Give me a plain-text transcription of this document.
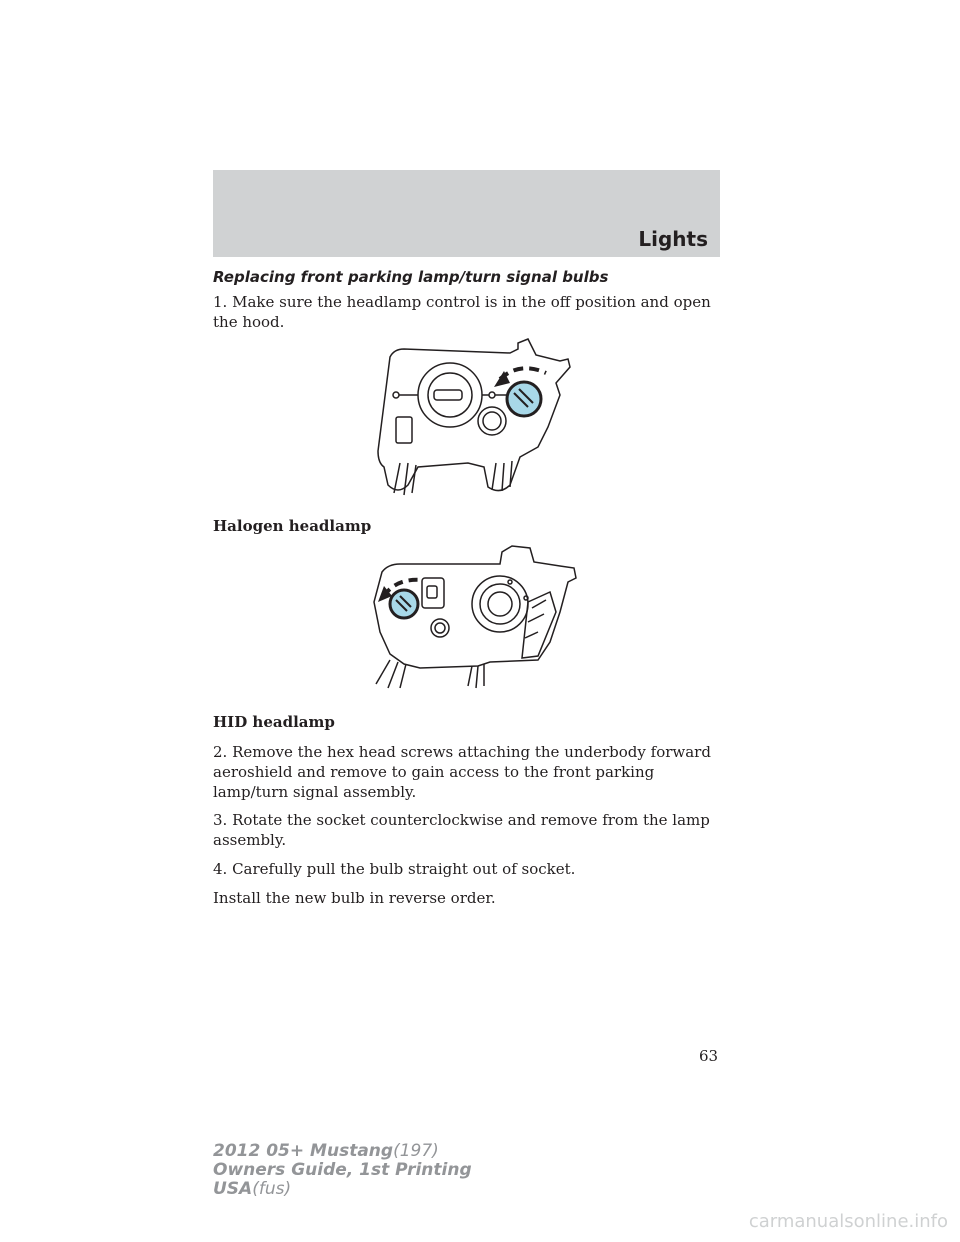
Lights
Replacing front parking lamp/turn signal bulbs
1. Make sure the headlamp control is in the off position and open the hood.
Halogen headlamp
HID headlamp
2. Remove the hex head screws attaching the underbody forward aeroshield and remove to gain access to the front parking lamp/turn signal assembly.
3. Rotate the socket counterclockwise and remove from the lamp assembly.
4. Carefully pull the bulb straight out of socket.
Install the new bulb in reverse order.
63
2012 05+ Mustang(197)
Owners Guide, 1st Printing
USA(fus)
carmanualsonline.info
